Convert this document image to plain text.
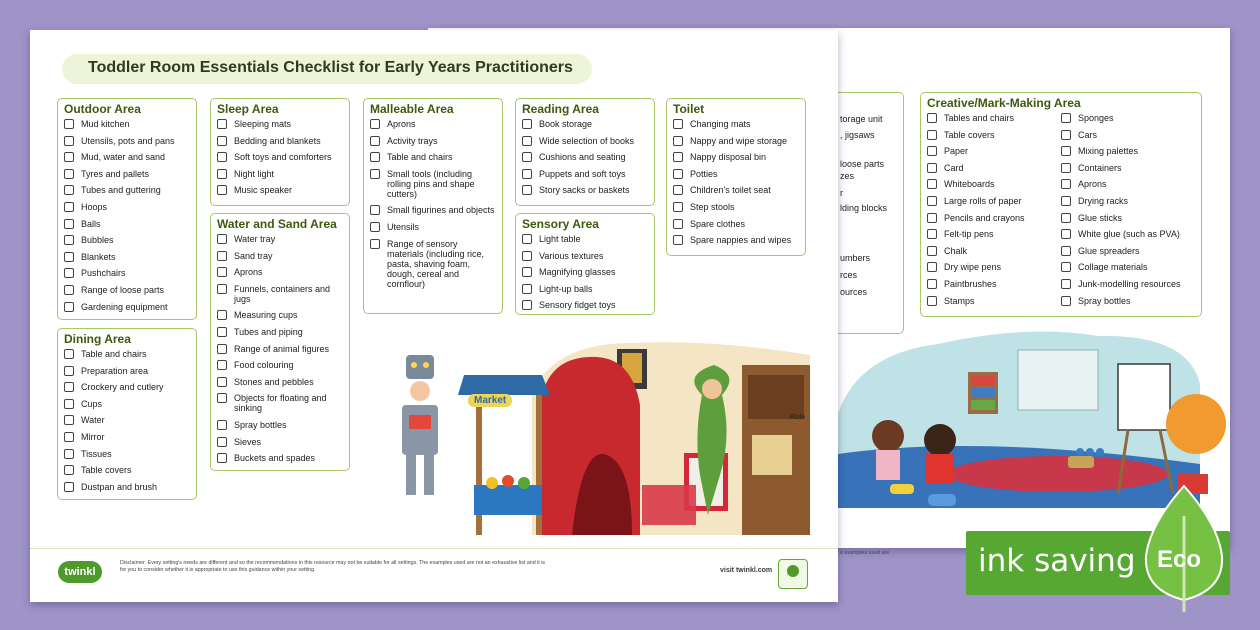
torage unit
, jigsaws
loose parts
zes
r
lding blocks
umbers
rces
ources
Creative/Mark-Making Area
Tables and chairs
Table covers
Paper
Card
Whiteboards
Large rolls of paper
Pencils and crayons
Felt-tip pens
Chalk
Dry wipe pens
Paintbrushes
Stamps
Sponges
Cars
Mixing palettes
Containers
Aprons
Drying racks
Glue sticks
White glue (such as PVA)
Glue spreaders
Collage materials
Junk-modelling resources
Spray bottles
e examples used are
Toddler Room Essentials Checklist for Early Years Practitioners
Outdoor Area
Mud kitchen
Utensils, pots and pans
Mud, water and sand
Tyres and pallets
Tubes and guttering
Hoops
Balls
Bubbles
Blankets
Pushchairs
Range of loose parts
Gardening equipment
Dining Area
Table and chairs
Preparation area
Crockery and cutlery
Cups
Water
Mirror
Tissues
Table covers
Dustpan and brush
Sleep Area
Sleeping mats
Bedding and blankets
Soft toys and comforters
Night light
Music speaker
Water and Sand Area
Water tray
Sand tray
Aprons
Funnels, containers and jugs
Measuring cups
Tubes and piping
Range of animal figures
Food colouring
Stones and pebbles
Objects for floating and sinking
Spray bottles
Sieves
Buckets and spades
Malleable Area
Aprons
Activity trays
Table and chairs
Small tools (including rolling pins and shape cutters)
Small figurines and objects
Utensils
Range of sensory materials (including rice, pasta, shaving foam, dough, cereal and cornflour)
Reading Area
Book storage
Wide selection of books
Cushions and seating
Puppets and soft toys
Story sacks or baskets
Sensory Area
Light table
Various textures
Magnifying glasses
Light-up balls
Sensory fidget toys
Toilet
Changing mats
Nappy and wipe storage
Nappy disposal bin
Potties
Children's toilet seat
Step stools
Spare clothes
Spare nappies and wipes
Market
Role
twinkl
Disclaimer: Every setting's needs are different and so the recommendations in this resource may not be suitable for all settings. The examples used are not an exhaustive list and it is for you to consider whether it is appropriate to use this guidance within your setting.	visit twinkl.com	ink saving Eco
